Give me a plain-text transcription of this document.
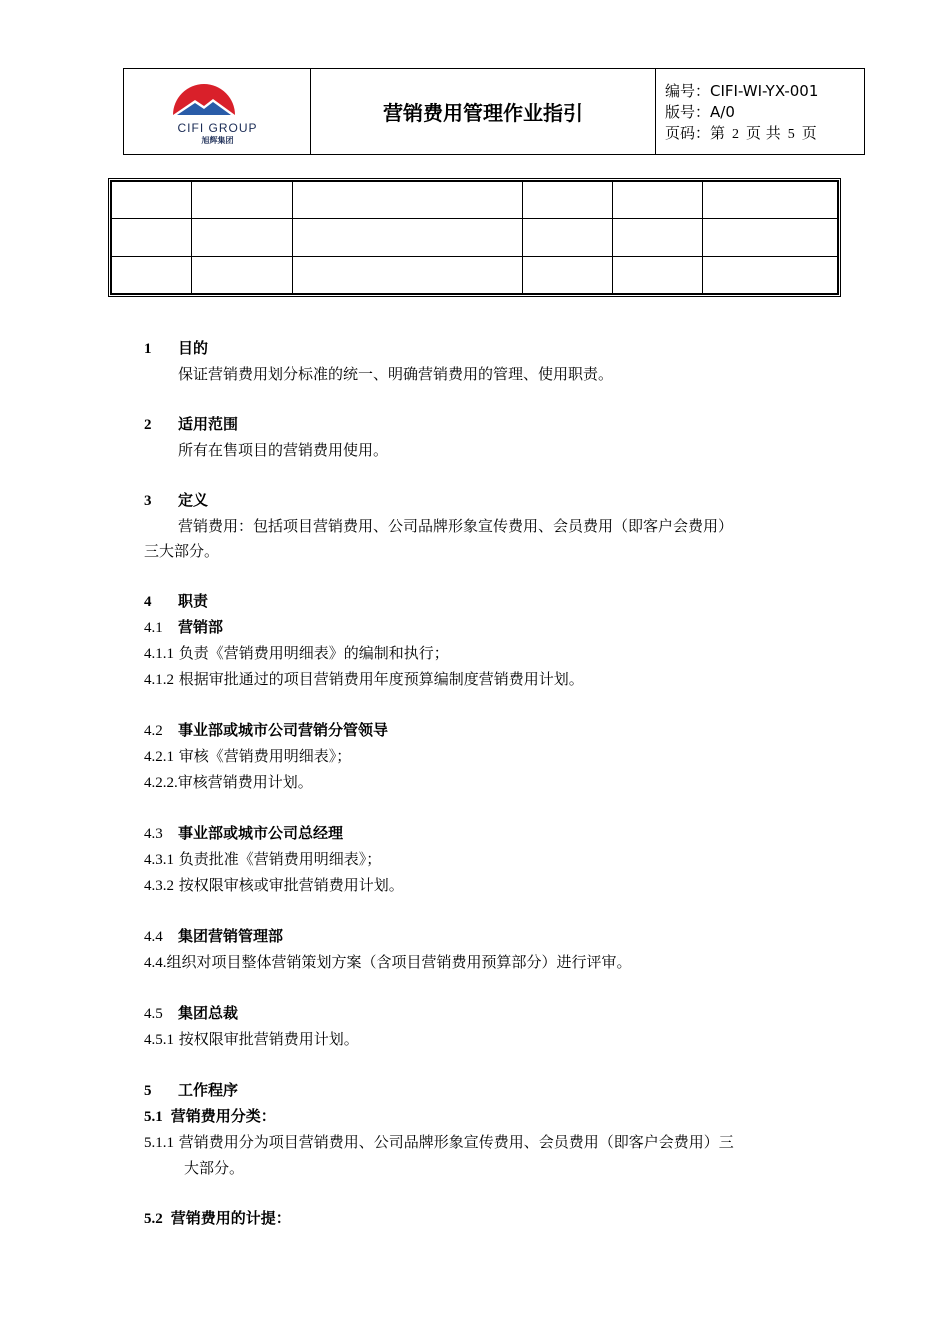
CIFI GROUP
旭辉集团
营销费用管理作业指引
编号：CIFI-WI-YX-001
版号：A/0
页码：第 2 页 共 5 页

1 目的
保证营销费用划分标准的统一、明确营销费用的管理、使用职责。
2 适用范围
所有在售项目的营销费用使用。
3 定义
营销费用：包括项目营销费用、公司品牌形象宣传费用、会员费用（即客户会费用）
三大部分。
4 职责
4.1 营销部
4.1.1 负责《营销费用明细表》的编制和执行；
4.1.2 根据审批通过的项目营销费用年度预算编制度营销费用计划。
4.2 事业部或城市公司营销分管领导
4.2.1 审核《营销费用明细表》；
4.2.2.审核营销费用计划。
4.3 事业部或城市公司总经理
4.3.1 负责批准《营销费用明细表》；
4.3.2 按权限审核或审批营销费用计划。
4.4 集团营销管理部
4.4.组织对项目整体营销策划方案（含项目营销费用预算部分）进行评审。
4.5 集团总裁
4.5.1 按权限审批营销费用计划。
5 工作程序
5.1 营销费用分类：
5.1.1 营销费用分为项目营销费用、公司品牌形象宣传费用、会员费用（即客户会费用）三
大部分。
5.2 营销费用的计提：
